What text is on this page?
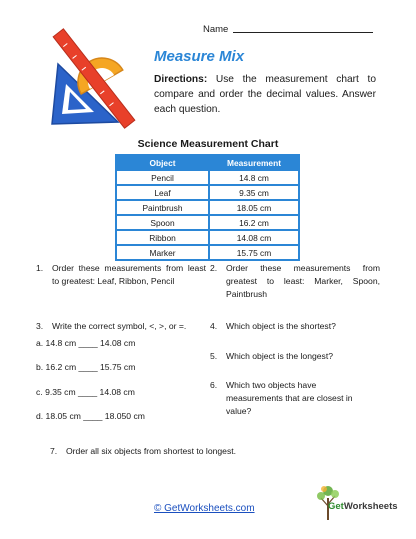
Name
Measure Mix
Directions: Use the measurement chart to compare and order the decimal values. Answer each question.
Science Measurement Chart
Object	Measurement
Pencil	14.8 cm
Leaf	9.35 cm
Paintbrush	18.05 cm
Spoon	16.2 cm
Ribbon	14.08 cm
Marker	15.75 cm
1.	Order these measurements from least to greatest: Leaf, Ribbon, Pencil
2.	Order these measurements from greatest to least: Marker, Spoon, Paintbrush
3.	Write the correct symbol, <, >, or =.
a. 14.8 cm ____ 14.08 cm
b. 16.2 cm ____ 15.75 cm
c. 9.35 cm ____ 14.08 cm
d. 18.05 cm ____ 18.050 cm
4.	Which object is the shortest?
5.	Which object is the longest?
6.	Which two objects have measurements that are closest in value?
7.	Order all six objects from shortest to longest.
© GetWorksheets.com	GetWorksheets
